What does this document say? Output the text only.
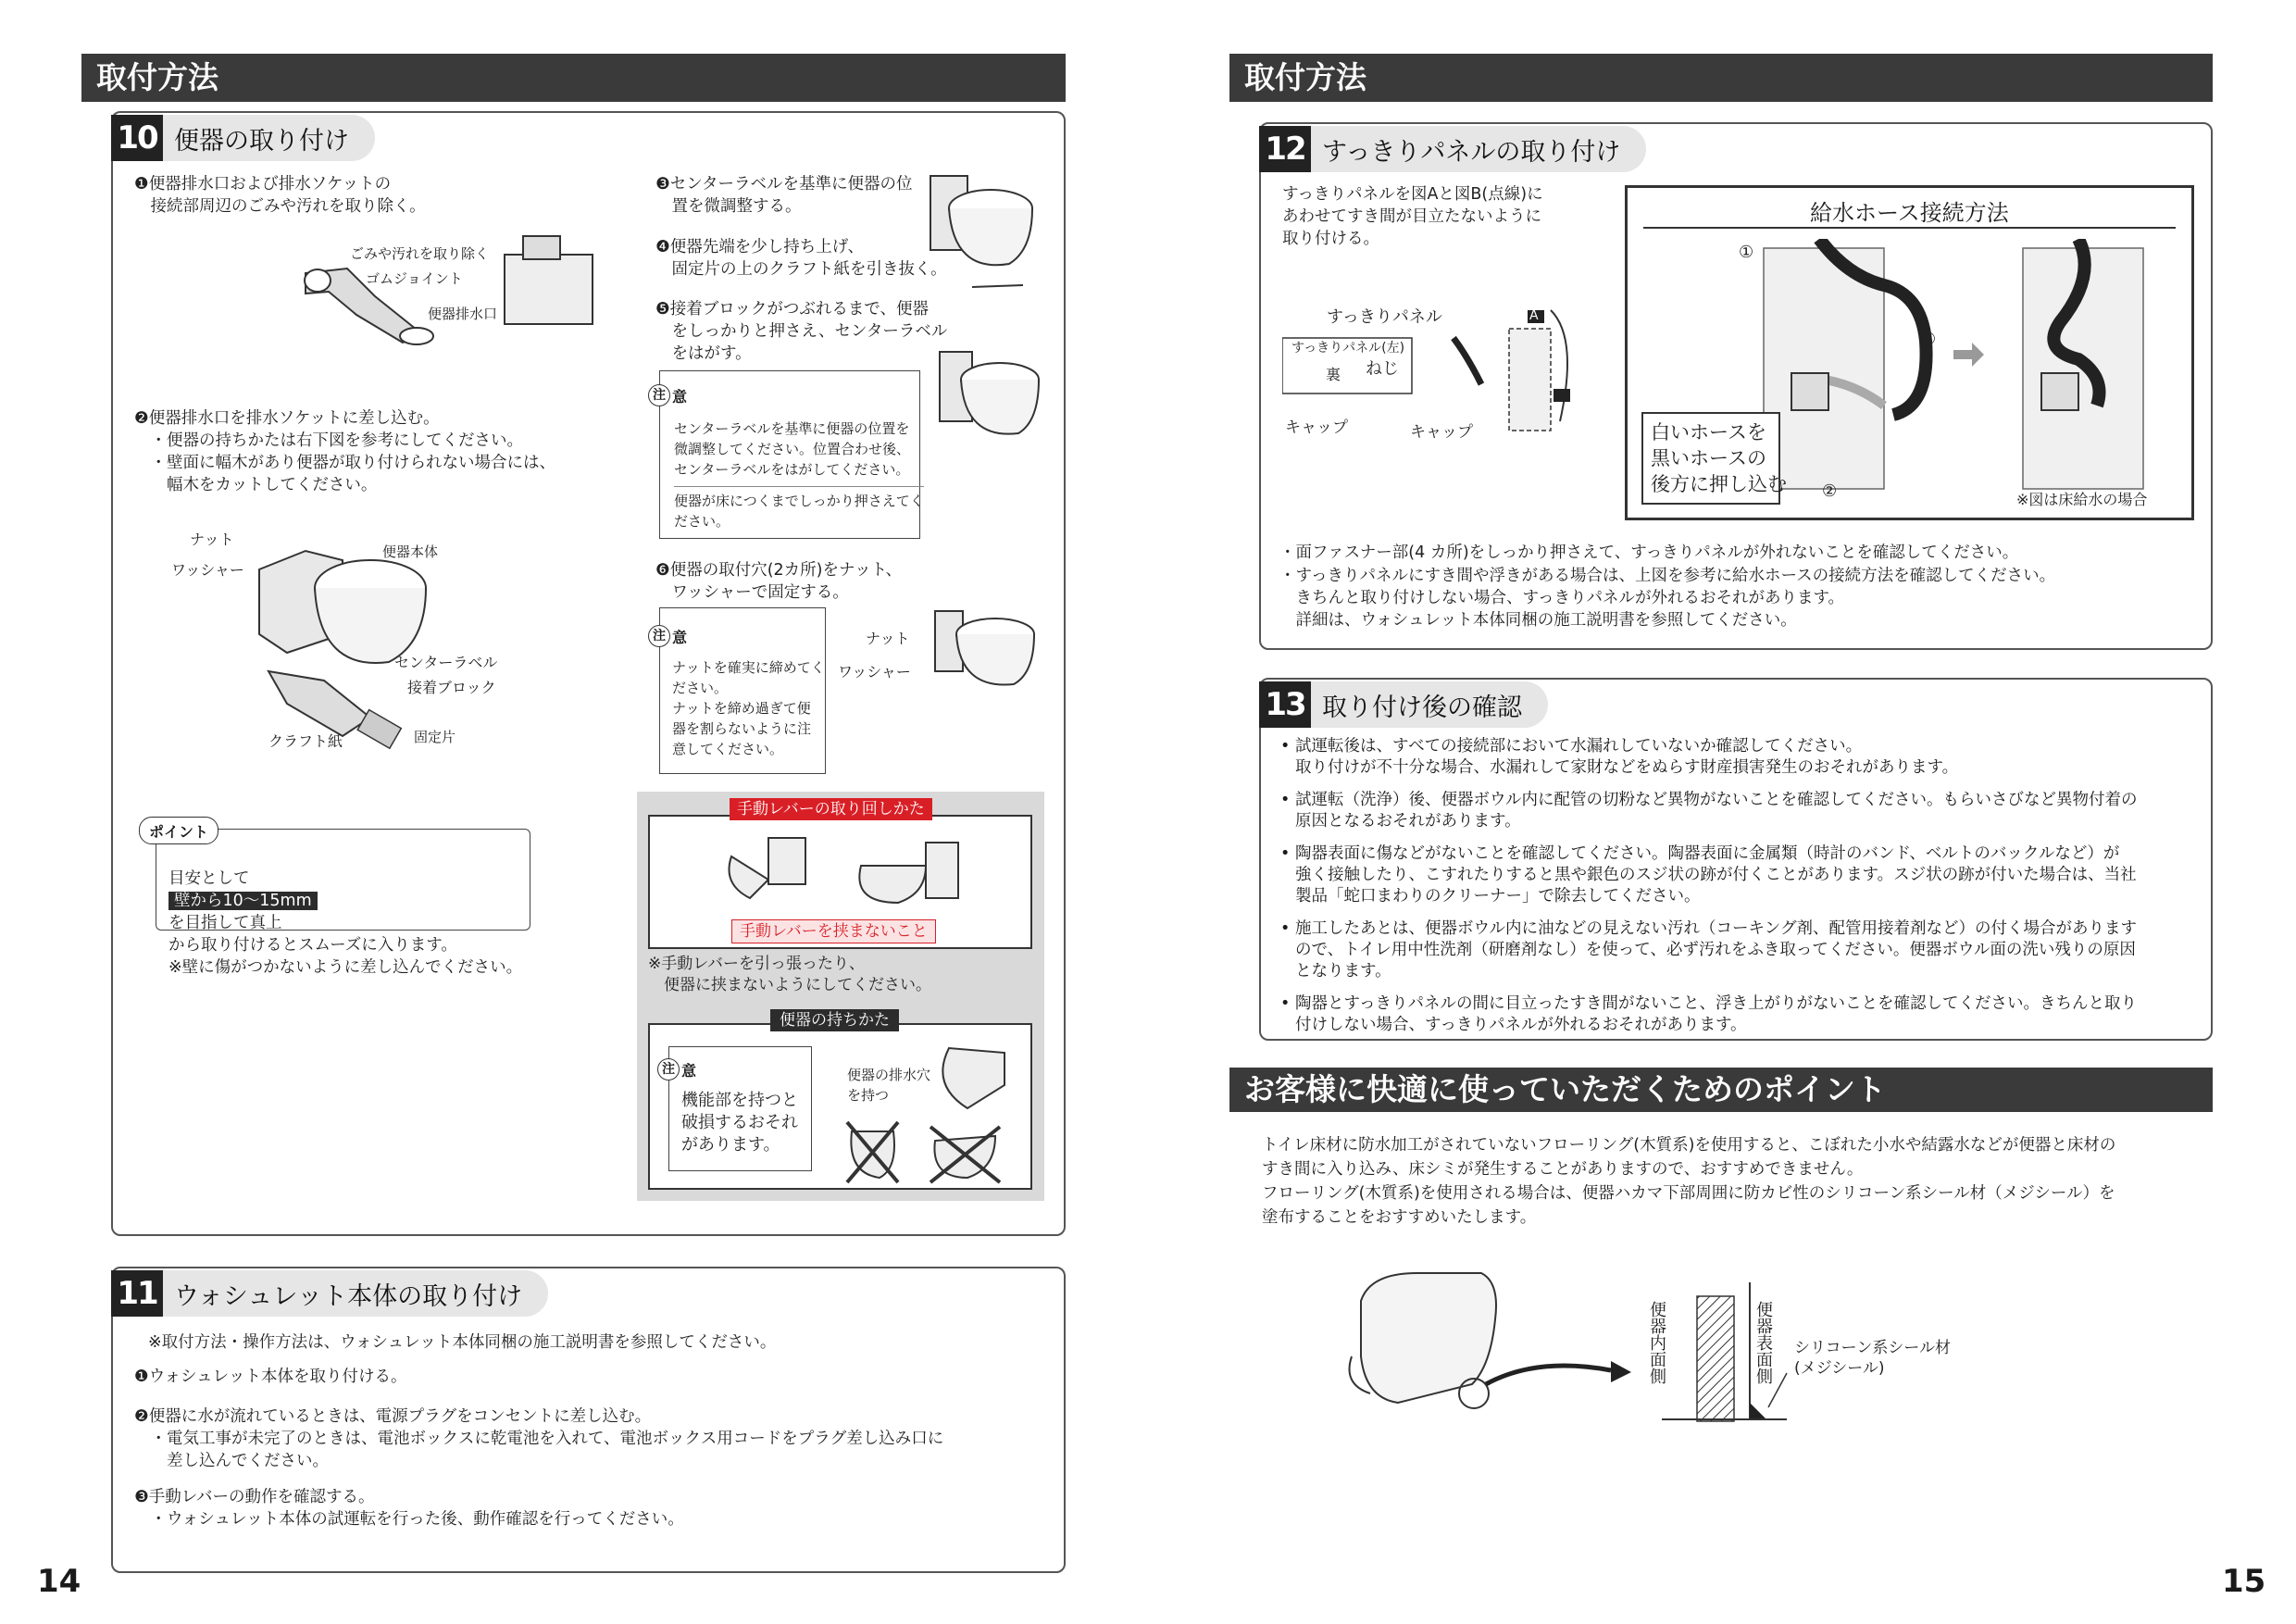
取付方法
10 便器の取り付け
❶便器排水口および排水ソケットの
　接続部周辺のごみや汚れを取り除く。
ごみや汚れを取り除く
ゴムジョイント
便器排水口
❷便器排水口を排水ソケットに差し込む。
　・便器の持ちかたは右下図を参考にしてください。
　・壁面に幅木があり便器が取り付けられない場合には、
　　幅木をカットしてください。
ナット
ワッシャー
便器本体
センターラベル
接着ブロック
クラフト紙	固定片
ポイント

目安として
壁から10〜15mm
を目指して真上
から取り付けるとスムーズに入ります。
※壁に傷がつかないように差し込んでください。

❸センターラベルを基準に便器の位
　置を微調整する。
❹便器先端を少し持ち上げ、
　固定片の上のクラフト紙を引き抜く。
❺接着ブロックがつぶれるまで、便器
　をしっかりと押さえ、センターラベル
　をはがす。
注 意
センターラベルを基準に便器の位置を
微調整してください。位置合わせ後、
センターラベルをはがしてください。
便器が床につくまでしっかり押さえてく
ださい。
❻便器の取付穴(2カ所)をナット、
　ワッシャーで固定する。
注 意
ナットを確実に締めてく
ださい。
ナットを締め過ぎて便
器を割らないように注
意してください。
ナット
ワッシャー
手動レバーの取り回しかた
手動レバーを挟まないこと
※手動レバーを引っ張ったり、
　便器に挟まないようにしてください。
便器の持ちかた
注 意
機能部を持つと
破損するおそれ
があります。
便器の排水穴
を持つ
11 ウォシュレット本体の取り付け
※取付方法・操作方法は、ウォシュレット本体同梱の施工説明書を参照してください。
❶ウォシュレット本体を取り付ける。
❷便器に水が流れているときは、電源プラグをコンセントに差し込む。
　・電気工事が未完了のときは、電池ボックスに乾電池を入れて、電池ボックス用コードをプラグ差し込み口に
　　差し込んでください。
❸手動レバーの動作を確認する。
　・ウォシュレット本体の試運転を行った後、動作確認を行ってください。
14
取付方法
12 すっきりパネルの取り付け
すっきりパネルを図Aと図B(点線)に
あわせてすき間が目立たないように
取り付ける。
すっきりパネル
すっきりパネル(左)
裏 ねじ
キャップ	キャップ
A
B
給水ホース接続方法
①
②
③
白いホースを
黒いホースの
後方に押し込む
※図は床給水の場合
・面ファスナー部(4 カ所)をしっかり押さえて、すっきりパネルが外れないことを確認してください。
・すっきりパネルにすき間や浮きがある場合は、上図を参考に給水ホースの接続方法を確認してください。
　きちんと取り付けしない場合、すっきりパネルが外れるおそれがあります。
　詳細は、ウォシュレット本体同梱の施工説明書を参照してください。
13 取り付け後の確認
• 試運転後は、すべての接続部において水漏れしていないか確認してください。
取り付けが不十分な場合、水漏れして家財などをぬらす財産損害発生のおそれがあります。
• 試運転（洗浄）後、便器ボウル内に配管の切粉など異物がないことを確認してください。もらいさびなど異物付着の
原因となるおそれがあります。
• 陶器表面に傷などがないことを確認してください。陶器表面に金属類（時計のバンド、ベルトのバックルなど）が
強く接触したり、こすれたりすると黒や銀色のスジ状の跡が付くことがあります。スジ状の跡が付いた場合は、当社
製品「蛇口まわりのクリーナー」で除去してください。
• 施工したあとは、便器ボウル内に油などの見えない汚れ（コーキング剤、配管用接着剤など）の付く場合があります
ので、トイレ用中性洗剤（研磨剤なし）を使って、必ず汚れをふき取ってください。便器ボウル面の洗い残りの原因
となります。
• 陶器とすっきりパネルの間に目立ったすき間がないこと、浮き上がりがないことを確認してください。きちんと取り
付けしない場合、すっきりパネルが外れるおそれがあります。
お客様に快適に使っていただくためのポイント
トイレ床材に防水加工がされていないフローリング(木質系)を使用すると、こぼれた小水や結露水などが便器と床材の
すき間に入り込み、床シミが発生することがありますので、おすすめできません。
フローリング(木質系)を使用される場合は、便器ハカマ下部周囲に防カビ性のシリコーン系シール材（メジシール）を
塗布することをおすすめいたします。
便器内面側	便器表面側 シリコーン系シール材
(メジシール)
15
